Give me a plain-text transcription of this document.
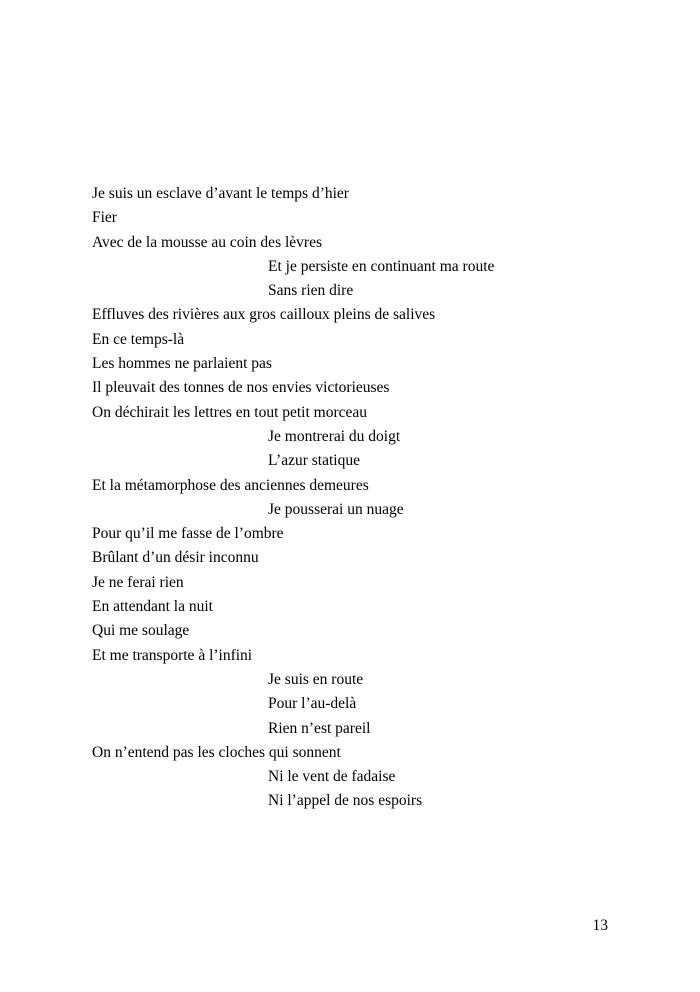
Je suis un esclave d’avant le temps d’hier
Fier
Avec de la mousse au coin des lèvres
Et je persiste en continuant ma route
Sans rien dire
Effluves des rivières aux gros cailloux pleins de salives
En ce temps-là
Les hommes ne parlaient pas
Il pleuvait des tonnes de nos envies victorieuses
On déchirait les lettres en tout petit morceau
Je montrerai du doigt
L’azur statique
Et la métamorphose des anciennes demeures
Je pousserai un nuage
Pour qu’il me fasse de l’ombre
Brûlant d’un désir inconnu
Je ne ferai rien
En attendant la nuit
Qui me soulage
Et me transporte à l’infini
Je suis en route
Pour l’au-delà
Rien n’est pareil
On n’entend pas les cloches qui sonnent
Ni le vent de fadaise
Ni l’appel de nos espoirs
13
